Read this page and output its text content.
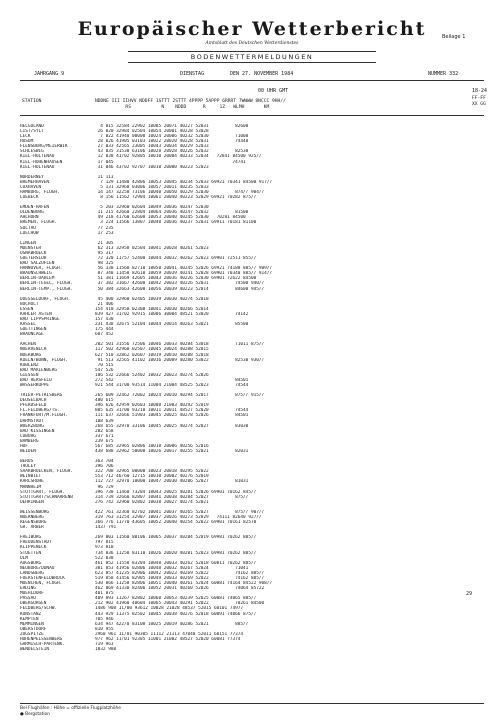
Europäischer Wetterbericht
Amtsblatt des Deutschen Wetterdienstes
Beilage 1
BODENWETTERMELDUNGEN
JAHRGANG 9	DIENSTAG	DEN 27. NOVEMBER 1984	NUMMER 332
00 UHR GMT	18-24
STATION	NDDNE III IIHVV NDDFF 1STTT 2STTT 4PPPP 5APPP 6RRRT 7WWWW 8NCCC 9HH//
RS           N    NDDD      R     1Z   WLMH       KM
FF-FF
XX GG
HELGOLAND	4 015 32584 22902 10085 20071 40227 52031          82600
LIST/SYLT	26 020 32984 02504 10054 20001 40228 53028
LECK	7 022 41940 00000 10024 20006 40232 52030          71000
HUSUM	28 026 41905 03103 10022 20020 40228 52031          74440
FLENSBURG/MEIERWIK	27 033 42565 23005 10043 20034 40229 52033
SCHLESWIG	43 035 31530 63106 10028 20028 40226 52032          82530
KIEL-HOLTENAU	12 038 41/02 92805 10010 20004 40233 52034   72841 84500 925//
KIEL-HOHENHAUSEN	17 045                                             74741
KIEL-HOLTENAU	31 046 43/02 92707 10010 20000 40223 52023
NORDERNEY	11 113
BREMERHAVEN	7 129 11480 42806 10053 20045 40234 52033 69921 70341 84500 917//
CUXHAVEN	5 131 32968 03006 10057 20011 40235 52033
HAMBURG, FLUGH.	14 147 32258 73106 10040 20050 40229 52030          874// 904//
LUEBECK	8 156 11562 72904 10061 20040 40223 52029 69921 70282 875//
EMDEN-HAFEN	5 203 32960 02604 10049 20036 40247 52030
OLDENBURG	11 215 42660 22804 10064 20036 40247 52032          81500
AHLHORN	49 218 41760 62608 10053 20040 40245 52030   70281 84500
BREMEN, FLUGH.	3 224 11566 13807 10040 20036 40237 52031 69911 70181 81100
SOLTAU	77 235
LUECHOW	17 253
LINGEN	21 305
MUENSTER	62 313 32958 02504 10041 20028 40261 52023
OSNABRUECK	95 317
GUETERSLOH	72 320 11757 52408 10044 20032 40262 52023 69901 72511 855//
BAD SALZUFLEN	98 325
HANNOVER, FLUGH.	56 338 11560 82710 10050 20041 40245 52026 69921 74188 885// 909//
BRAUNSCHWEIG	87 348 11458 82610 10059 20039 40241 52028 69901 70340 885// 914//
BERLIN-DAHLEM	51 381 11669 42605 10043 20036 40226 52030 69901 72622 84500
BERLIN-TEGEL, FLUGH.	37 382 31667 42608 10042 20033 40226 52031          74500 940//
BERLIN-TEMP., FLUGH.	50 384 32663 42608 10056 20039 40223 52014          84600 945//
DUESSELDORF, FLUGH.	45 400 32960 02405 10039 20030 40274 52018
BOCHOLT	21 406
ESSEN	154 410 32958 02308 10041 20030 40266 52014
KAHLER ASTEN	839 427 31/02 92915 10006 30004 48521 53020          74142
BAD LIPPSPRINGE	157 430
KASSEL	231 438 32675 52104 10044 20014 40263 53021          85500
GOETTINGEN	175 444
BRAUNLAGE	607 452
AACHEN	202 501 31556 72506 10046 20033 40284 53018          71011 875//
NOERVENICH	117 502 42960 02507 10045 20024 40288 52015
NUERBURG	627 510 32862 02607 10019 20010 40288 52018
KOELN/BONN, FLUGH.	91 513 32565 41102 10016 20009 40280 53022          82530 930//
KOBLENZ	70 515
BAD MARIENBERG	547 526
GIESSEN	186 532 22666 52402 10032 20023 40274 52026
BAD HERSFELD	272 542                                              84501
WASSERKUPPE	921 544 31/00 93514 11004 21004 48525 52023          74544
TRIER-PETRISBERG	265 609 32462 72002 10024 20010 40294 52017          875// 915//
DEUSELBACH	480 615
PFERDSFELD	396 626 42959 02603 10008 21003 40292 52019
FL.FELDBERG/TS.	805 635 31/00 93210 10011 20011 48527 52020          74544
FRANKFURT/M.FLUGH.	111 637 32666 51903 10045 20025 40278 52026          84501
DARMSTADT	108 639
WUERZBURG	268 655 32970 33106 10045 20025 40274 52027          83030
BAD KISSINGEN	282 658
COBURG	337 671
BAMBERG	239 675
HOF	567 685 32965 02806 10018 20006 40256 52016
WEIDEN	438 688 32962 50000 10026 20017 40255 52021          82031
BERUS	363 704
THOLEY	396 706
SAARBRUECKEN, FLUGH.	322 708 32965 00000 10023 20018 40295 52022
WEINBIET	553 712 46/60 12715 10010 20002 40276 52019
KARLSRUHE	112 727 32970 10000 10047 20030 40286 52027          81031
MANNHEIM	96 729
STUTTGART, FLUGH.	396 738 11460 73204 10043 20025 40281 52026 69901 70162 845//
STUTTGART/SCHNARRENB	314 739 32660 82807 10041 20038 40284 52027          875//
OEHRINGEN	276 742 32960 02802 10038 20027 40274 52021
WEISSENBURG	422 761 32360 82702 10041 20037 40265 52027          875// 907//
NUERNBERG	319 763 31254 32907 10037 20026 40273 52029   74111 82640 927//
REGENSBURG	366 776 11770 43605 10052 20040 40254 52022 69901 70161 82570
GR. ARBER	1437 791
FREIBURG	269 803 11560 80106 10065 20037 40284 52019 69981 70262 885//
FREUDENSTADT	797 815
KLIPPENECK	973 818
STOETTEN	734 836 11258 83110 10026 20020 40281 52023 69981 70262 885//
ULM	522 838
AUGSBURG	461 852 11558 83204 10048 20033 40262 52018 60011 70262 885//
NEUBURG/DONAU	381 853 41956 02806 10048 20032 40267 52024          71041
LANDSBERG	623 857 41235 82906 10042 20023 40269 52022          74162 885//
FUERSTENFELDBRUCK	519 858 41456 82905 10049 20033 40269 52022          74162 885//
MUENCHEN, FLUGH.	530 866 11258 82806 10051 20040 40261 52024 60081 74164 84522 908//
ERDING	462 869 41330 82406 10052 20031 40260 52026          74064 85722
MUEHLDORF	401 875
PASSAU	409 893 11267 82802 10060 20053 40239 52025 60081 74065 885//
OBERGURGEN	212 902 41960 40604 10065 20043 40291 52022          70261 84500
FELDBERG/SCHW.	1486 908 11/00 93612 10028 21028 48537 52015 60101 74977
KONSTANZ	443 929 11375 82502 10045 20038 40276 52018 60091 74066 875//
KEMPTEN	705 946
MEMMINGEN	634 947 422/0 83108 10025 20019 40286 52021          885//
OBERSTDORF	810 955
ZUGSPITZE	2960 961 11/01 90305 11112 21113 47040 52011 60151 77374
HOHENPEISSENBERG	977 962 11/01 92305 11001 21002 48527 52020 60081 77374
GARMISCH-PARTENK.	719 963
WENDELSTEIN	1832 980
29
Bei Flughäfen : Höhe = offizielle Flugplatzhöhe
● Bergstation
